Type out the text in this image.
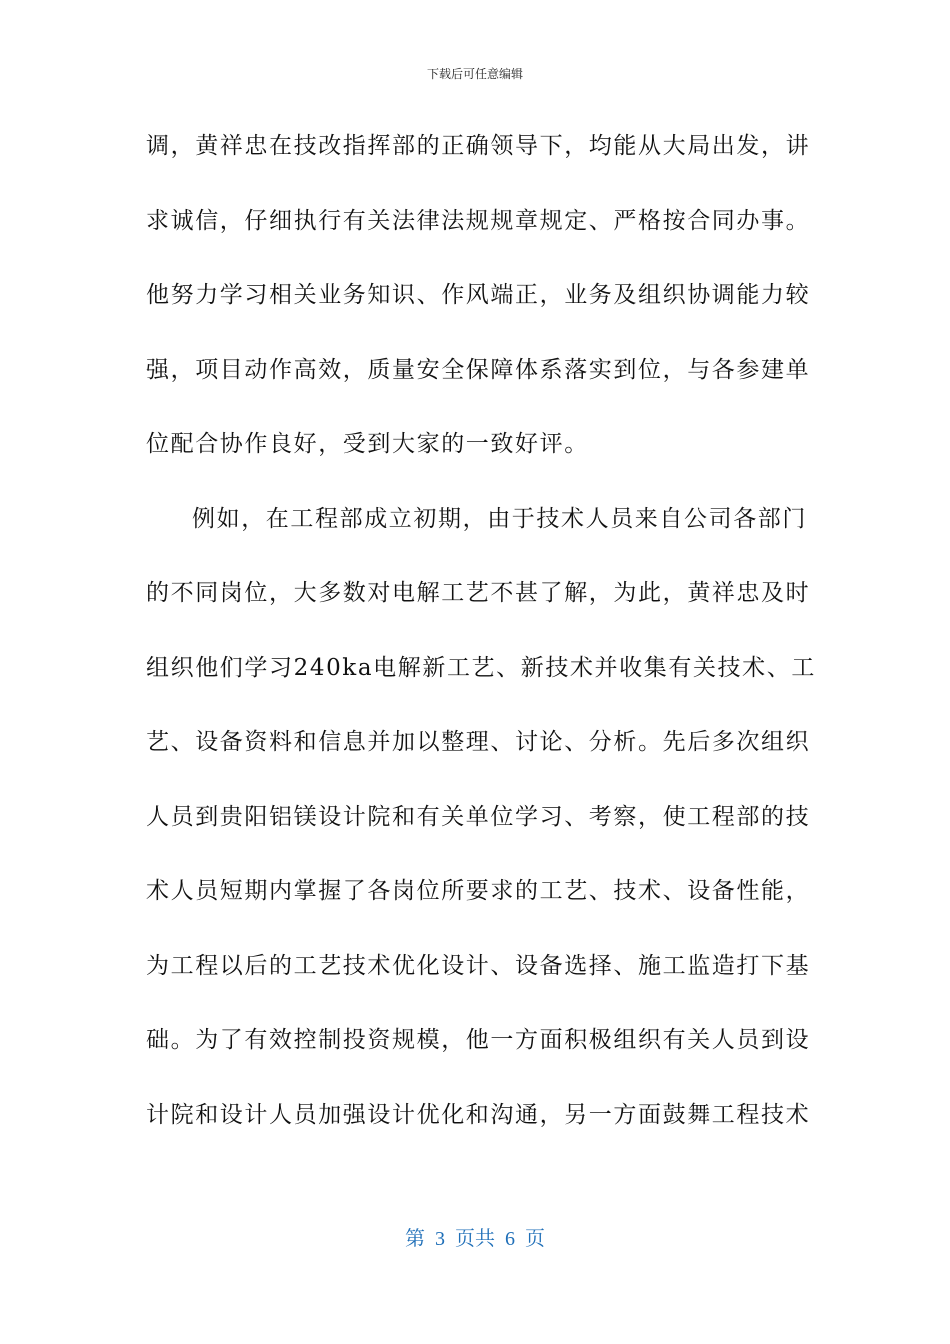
下载后可任意编辑
调，黄祥忠在技改指挥部的正确领导下，均能从大局出发，讲
求诚信，仔细执行有关法律法规规章规定、严格按合同办事。
他努力学习相关业务知识、作风端正，业务及组织协调能力较
强，项目动作高效，质量安全保障体系落实到位，与各参建单
位配合协作良好，受到大家的一致好评。
例如，在工程部成立初期，由于技术人员来自公司各部门
的不同岗位，大多数对电解工艺不甚了解，为此，黄祥忠及时
组织他们学习240ka电解新工艺、新技术并收集有关技术、工
艺、设备资料和信息并加以整理、讨论、分析。先后多次组织
人员到贵阳铝镁设计院和有关单位学习、考察，使工程部的技
术人员短期内掌握了各岗位所要求的工艺、技术、设备性能，
为工程以后的工艺技术优化设计、设备选择、施工监造打下基
础。为了有效控制投资规模，他一方面积极组织有关人员到设
计院和设计人员加强设计优化和沟通，另一方面鼓舞工程技术
第  3  页共  6  页
